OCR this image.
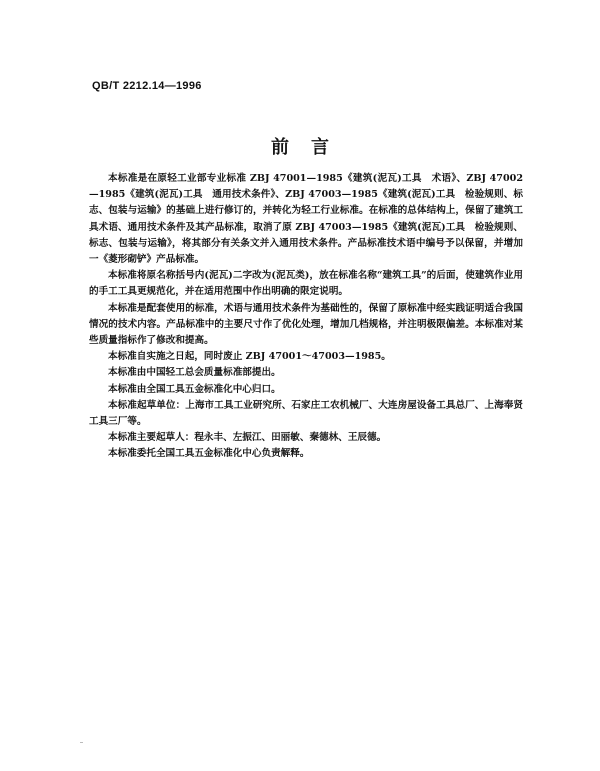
QB/T 2212.14—1996
前言

本标准是在原轻工业部专业标准 ZBJ 47001—1985《建筑(泥瓦)工具　术语》、ZBJ 47002—1985《建筑(泥瓦)工具　通用技术条件》、ZBJ 47003—1985《建筑(泥瓦)工具　检验规则、标志、包装与运输》的基础上进行修订的，并转化为轻工行业标准。在标准的总体结构上，保留了建筑工具术语、通用技术条件及其产品标准，取消了原 ZBJ 47003—1985《建筑(泥瓦)工具　检验规则、标志、包装与运输》，将其部分有关条文并入通用技术条件。产品标准技术语中编号予以保留，并增加一《菱形砌铲》产品标准。

本标准将原名称括号内(泥瓦)二字改为(泥瓦类)，放在标准名称“建筑工具”的后面，使建筑作业用的手工工具更规范化，并在适用范围中作出明确的限定说明。

本标准是配套使用的标准，术语与通用技术条件为基础性的，保留了原标准中经实践证明适合我国情况的技术内容。产品标准中的主要尺寸作了优化处理，增加几档规格，并注明极限偏差。本标准对某些质量指标作了修改和提高。

本标准自实施之日起，同时废止 ZBJ 47001～47003—1985。

本标准由中国轻工总会质量标准部提出。

本标准由全国工具五金标准化中心归口。

本标准起草单位：上海市工具工业研究所、石家庄工农机械厂、大连房屋设备工具总厂、上海奉贤工具三厂等。

本标准主要起草人：程永丰、左振江、田丽敏、秦德林、王辰德。

本标准委托全国工具五金标准化中心负责解释。
